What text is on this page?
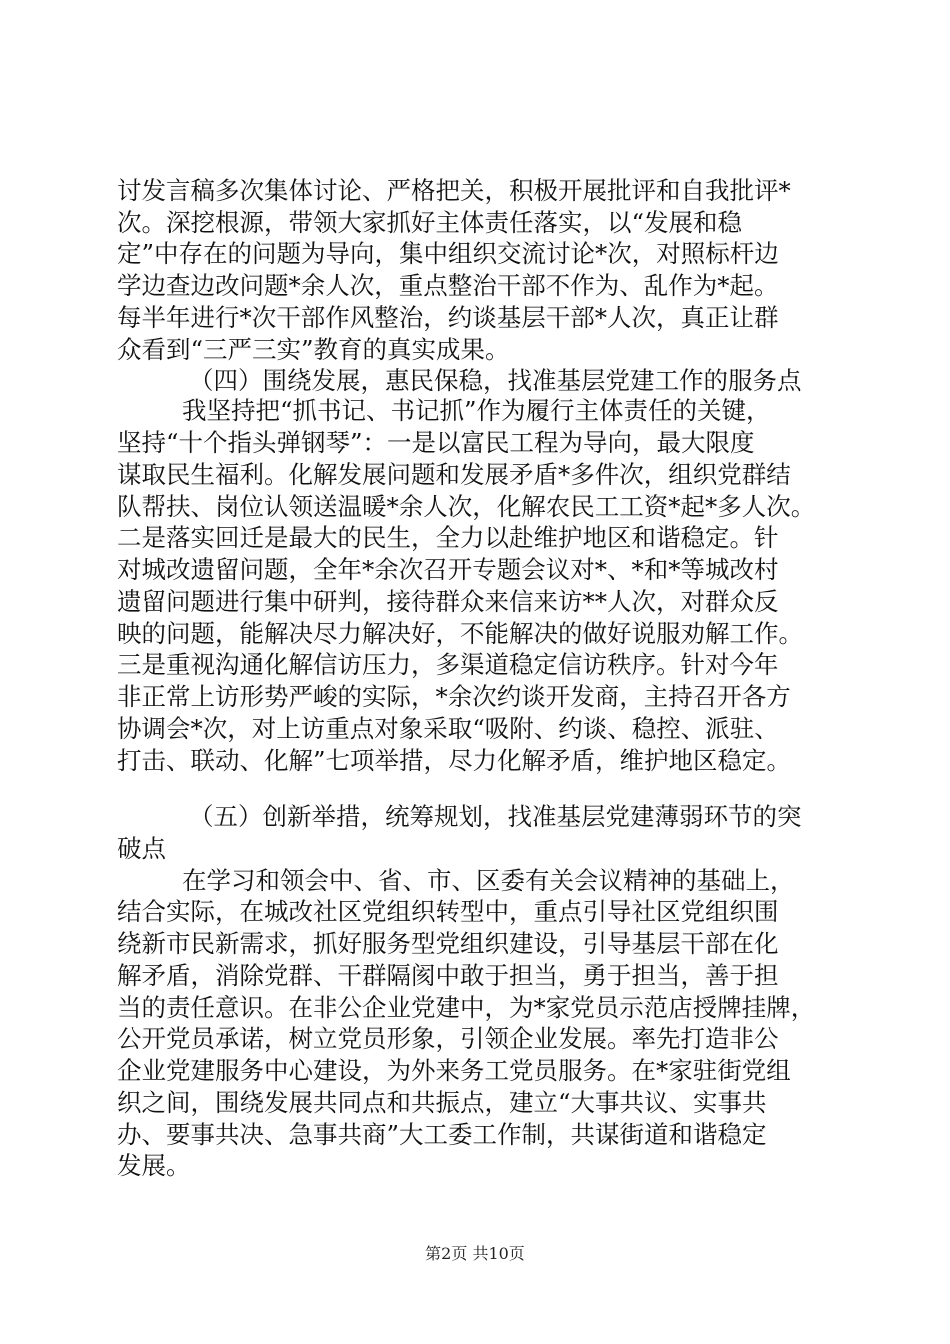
讨发言稿多次集体讨论、严格把关，积极开展批评和自我批评*
次。深挖根源，带领大家抓好主体责任落实，以“发展和稳
定”中存在的问题为导向，集中组织交流讨论*次，对照标杆边
学边查边改问题*余人次，重点整治干部不作为、乱作为*起。
每半年进行*次干部作风整治，约谈基层干部*人次，真正让群
众看到“三严三实”教育的真实成果。
（四）围绕发展，惠民保稳，找准基层党建工作的服务点
我坚持把“抓书记、书记抓”作为履行主体责任的关键，
坚持“十个指头弹钢琴”：一是以富民工程为导向，最大限度
谋取民生福利。化解发展问题和发展矛盾*多件次，组织党群结
队帮扶、岗位认领送温暖*余人次，化解农民工工资*起*多人次。
二是落实回迁是最大的民生，全力以赴维护地区和谐稳定。针
对城改遗留问题，全年*余次召开专题会议对*、*和*等城改村
遗留问题进行集中研判，接待群众来信来访**人次，对群众反
映的问题，能解决尽力解决好，不能解决的做好说服劝解工作。
三是重视沟通化解信访压力，多渠道稳定信访秩序。针对今年
非正常上访形势严峻的实际，*余次约谈开发商，主持召开各方
协调会*次，对上访重点对象采取“吸附、约谈、稳控、派驻、
打击、联动、化解”七项举措，尽力化解矛盾，维护地区稳定。
（五）创新举措，统筹规划，找准基层党建薄弱环节的突
破点
在学习和领会中、省、市、区委有关会议精神的基础上，
结合实际，在城改社区党组织转型中，重点引导社区党组织围
绕新市民新需求，抓好服务型党组织建设，引导基层干部在化
解矛盾，消除党群、干群隔阂中敢于担当，勇于担当，善于担
当的责任意识。在非公企业党建中，为*家党员示范店授牌挂牌，
公开党员承诺，树立党员形象，引领企业发展。率先打造非公
企业党建服务中心建设，为外来务工党员服务。在*家驻街党组
织之间，围绕发展共同点和共振点，建立“大事共议、实事共
办、要事共决、急事共商”大工委工作制，共谋街道和谐稳定
发展。
第2页 共10页
